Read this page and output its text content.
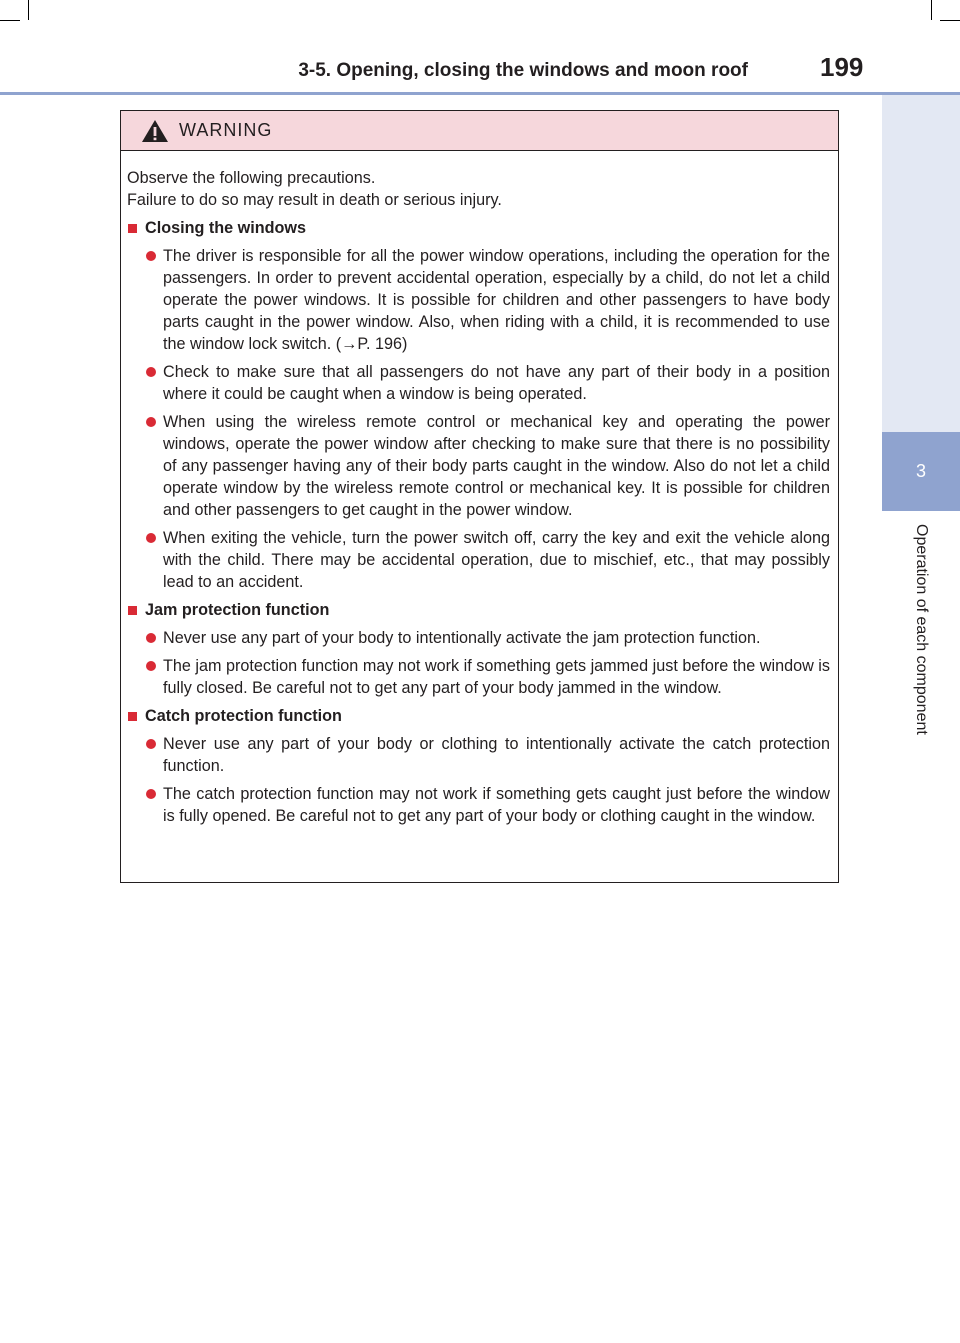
3-5. Opening, closing the windows and moon roof	199
3
Operation of each component
WARNING

Observe the following precautions.
Failure to do so may result in death or serious injury.

Closing the windows

The driver is responsible for all the power window operations, including the operation for the passengers. In order to prevent accidental operation, especially by a child, do not let a child operate the power windows. It is possible for children and other passengers to have body parts caught in the power window. Also, when riding with a child, it is recommended to use the window lock switch. (→P. 196)

Check to make sure that all passengers do not have any part of their body in a position where it could be caught when a window is being operated.

When using the wireless remote control or mechanical key and operating the power windows, operate the power window after checking to make sure that there is no possibility of any passenger having any of their body parts caught in the window. Also do not let a child operate window by the wireless remote control or mechanical key. It is possible for children and other passengers to get caught in the power window.

When exiting the vehicle, turn the power switch off, carry the key and exit the vehicle along with the child. There may be accidental operation, due to mischief, etc., that may possibly lead to an accident.

Jam protection function

Never use any part of your body to intentionally activate the jam protection function.

The jam protection function may not work if something gets jammed just before the window is fully closed. Be careful not to get any part of your body jammed in the window.

Catch protection function

Never use any part of your body or clothing to intentionally activate the catch protection function.

The catch protection function may not work if something gets caught just before the window is fully opened. Be careful not to get any part of your body or clothing caught in the window.
